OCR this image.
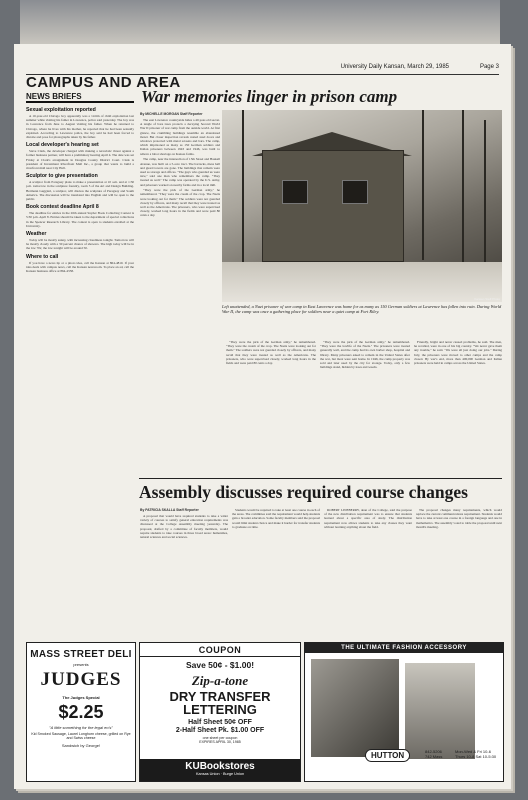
University Daily Kansan, March 29, 1985	Page 3
CAMPUS AND AREA
NEWS BRIEFS	War memories linger in prison camp
Sexual exploitation reported

A 10-year-old Chicago boy apparently was a victim of child exploitation last summer while visiting his father in Lawrence, police said yesterday. The boy was in Lawrence from June to August visiting his father. When he returned to Chicago, where he lives with his mother, he reported that he had been sexually exploited. According to Lawrence police, the boy said he had been forced to disrobe and pose for photographs taken by his father.

Local developer's hearing set

Steve Clark, the developer charged with making a terroristic threat against a former business partner, will have a preliminary hearing April 4. The date was set Friday at Clark's arraignment in Douglas County District Court. Clark is president of Investment Riverfront Mall Inc., a group that wants to build a riverfront mall near City Hall.

Sculptor to give presentation

A sculptor from Paraguay plans to make a presentation at 10 a.m. and at 1:30 p.m. tomorrow in the sculpture foundry, room 5 of the Art and Design Building. Hermann Guggiari, a sculptor, will discuss the sculpture of Paraguay and South America. The discussion will be translated into English and will be open to the public.

Book contest deadline April 8

The deadline for entries in the 26th annual Snyder Book Collecting Contest is 5:30 p.m. April 8. Entries should be taken to the department of special collections in the Spencer Research Library. The contest is open to students enrolled at the University.

Weather

Today will be mostly sunny, with increasing cloudiness tonight. Tomorrow will be mostly cloudy with a 30 percent chance of showers. The high today will be in the low 70s; the low tonight will be around 50.

Where to call

If you have a news tip or a photo idea, call the Kansan at 864-4810. If your idea deals with campus news, call the Kansan newsroom. To place an ad, call the Kansan business office at 864-4358.

By MICHELLE MORGAN Staff Reporter

The east Lawrence countryside hides a 40-year-old secret. A tangle of bare trees protects a decaying Second World War II prisoner of war camp from the outside world. At first glance, the crumbling buildings resemble an abandoned motel. But closer inspection reveals rusted steel doors and windows protected with metal screens and bars. The camp, which imprisoned as many as 150 German soldiers and Italian prisoners between 1943 and 1946, was built to relieve a labor shortage on Kansas farms.

The camp, near the intersection of 15th Street and Haskell Avenue, was built on a 5-acre tract. The barracks, mess hall and guard towers are gone. The buildings that remain were used as storage and offices. "The guys who guarded us were nice," said one man who remembers the camp. "They treated us well." The camp was operated by the U.S. Army, and prisoners worked on nearby farms and in a local mill.

"They were the pick of the German army," he remembered. "They were the cream of the crop. The Nazis were looking out for them." The soldiers were not guarded closely by officers, and many recall that they were treated as well as the Americans. The prisoners, who were supervised closely, worked long hours in the fields and were paid 80 cents a day.

Kansan Staff Photo
Left unattended, a Nazi prisoner of war camp in East Lawrence was home for as many as 150 German soldiers at Lawrence has fallen into ruin. During World War II, the camp was once a gathering place for soldiers near a quiet camp at Fort Riley.

"They were the pick of the German army," he remembered. "They were the cream of the crop. The Nazis were looking out for them." The soldiers were not guarded closely by officers, and many recall that they were treated as well as the Americans. The prisoners, who were supervised closely, worked long hours in the fields and were paid 80 cents a day.

"They were the pick of the German army," he remembered. "They were the lowlife of the Nazis." The prisoners were treated generally well, and the camp had its own barber shop, hospital and library. Many prisoners asked to remain in the United States after the war, but most were sent home. In 1946, the camp property was sold and later used by the city for storage. Today, only a few buildings stand, hidden by trees and weeds.

Friendly, bright and never caused problems, he said. The men, he recalled, were in one of his big country. "We never gave them any trouble," he said. "We were all just doing our jobs." During July, the prisoners were moved to other camps and the camp closed. By war's end, more than 400,000 German and Italian prisoners were held in camps across the United States.

Assembly discusses required course changes
By PATRICIA SKALLA Staff Reporter

A proposal that would have required students to take a wider variety of courses to satisfy general education requirements was discussed at the College Assembly meeting yesterday. The proposal, drafted by a committee of faculty members, would require students to take courses in three broad areas: humanities, natural sciences and social sciences.

Students would be required to take at least one course in each of the areas. The committee said the requirement would help students gain a broader education. Some faculty members said the proposal would limit student choice and make it harder for transfer students to graduate on time.

ROBERT LINEBERRY, dean of the College, said the purpose of the new distribution requirement was to ensure that students learned about a specific area of study. The distribution requirement now allows students to take any classes they want without learning anything about the field.

The proposal changes many requirements, which would replace the current communications requirement. Students would have to take at least one course in a foreign language and one in mathematics. The assembly voted to table the proposal until next month's meeting.

MASS STREET DELI
presents
JUDGES
The Judges Special
$2.25
"A little something for the legal eo's"
Kid Smoked Sausage, Laurel Longhorn cheese, grilled on Rye and Swiss cheese
Sandwich by George!
COUPON
Save 50¢ - $1.00!
Zip-a-tone
DRY TRANSFER LETTERING
Half Sheet 50¢ OFF
2-Half Sheet Pk. $1.00 OFF
one sheet per coupon
EXPIRES APRIL 30, 1985
KUBookstores
Kansas Union · Burge Union
THE ULTIMATE FASHION ACCESSORY
HUTTON	842-5206
742 Mass
Mon-Wed & Fri 10-6 Thurs 10-8 Sat 10-5:30
